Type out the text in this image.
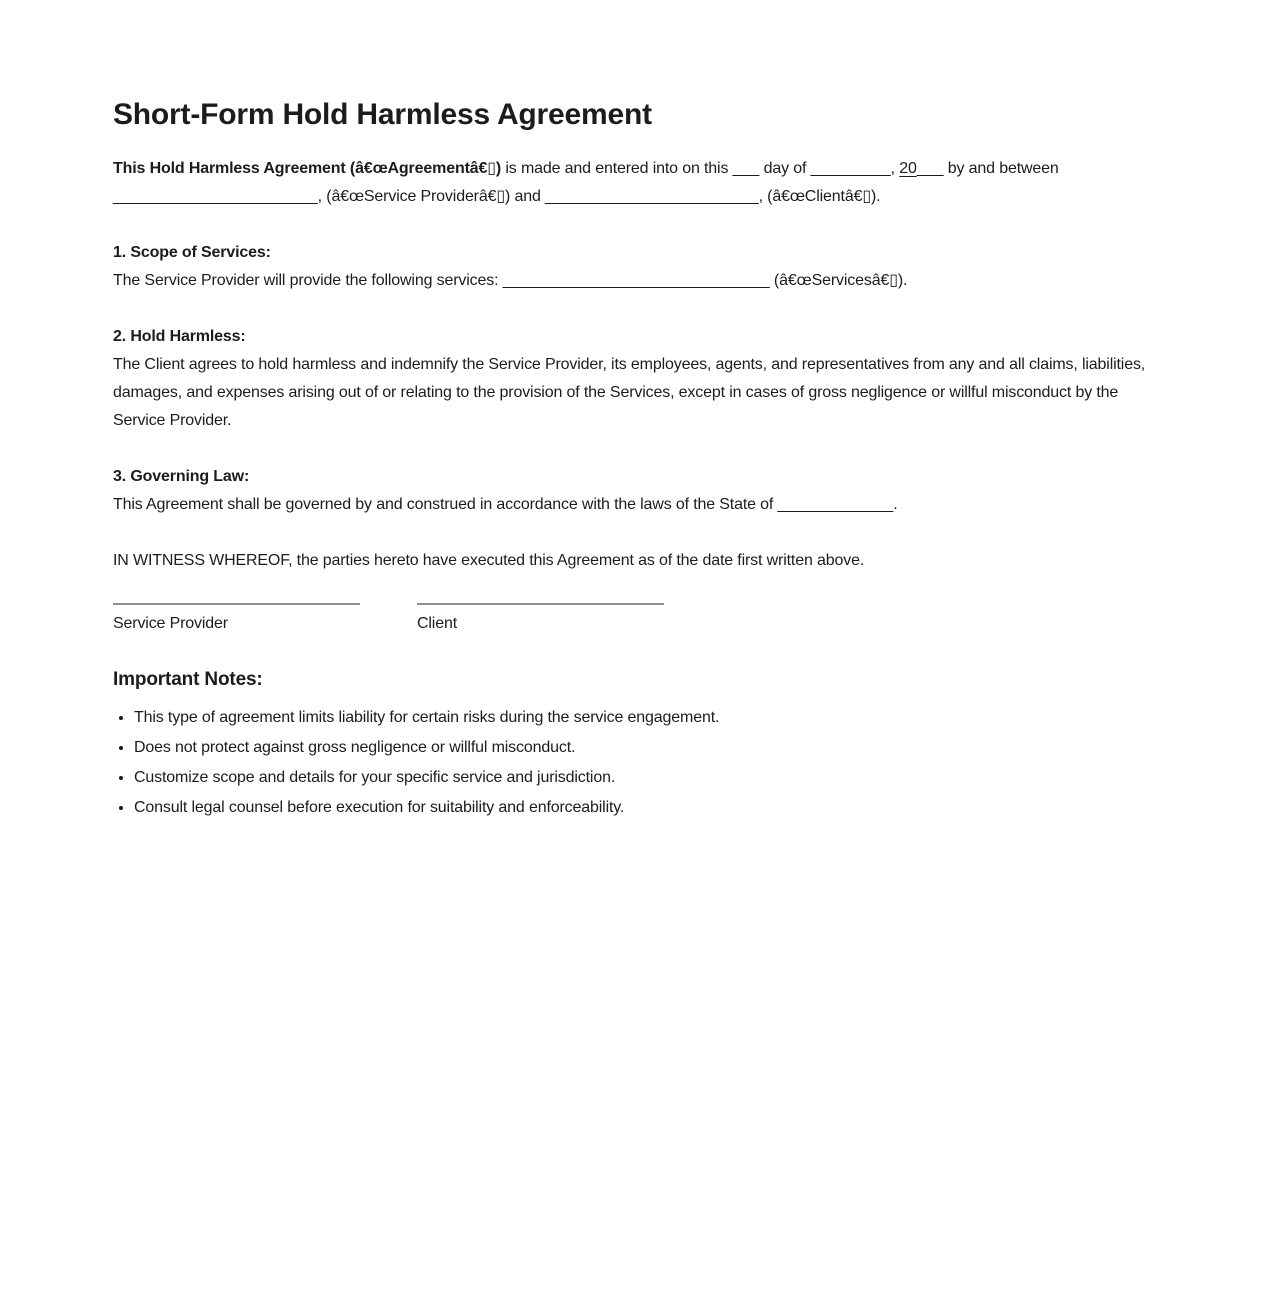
Short-Form Hold Harmless Agreement

This Hold Harmless Agreement (â€œAgreementâ€▯) is made and entered into on this ___ day of _________, 20___ by and between _______________________, (â€œService Providerâ€▯) and ________________________, (â€œClientâ€▯).

1. Scope of Services:
The Service Provider will provide the following services: ______________________________ (â€œServicesâ€▯).

2. Hold Harmless:
The Client agrees to hold harmless and indemnify the Service Provider, its employees, agents, and representatives from any and all claims, liabilities, damages, and expenses arising out of or relating to the provision of the Services, except in cases of gross negligence or willful misconduct by the Service Provider.

3. Governing Law:
This Agreement shall be governed by and construed in accordance with the laws of the State of _____________.

IN WITNESS WHEREOF, the parties hereto have executed this Agreement as of the date first written above.

Service Provider	Client
Important Notes:
• This type of agreement limits liability for certain risks during the service engagement.
• Does not protect against gross negligence or willful misconduct.
• Customize scope and details for your specific service and jurisdiction.
• Consult legal counsel before execution for suitability and enforceability.
